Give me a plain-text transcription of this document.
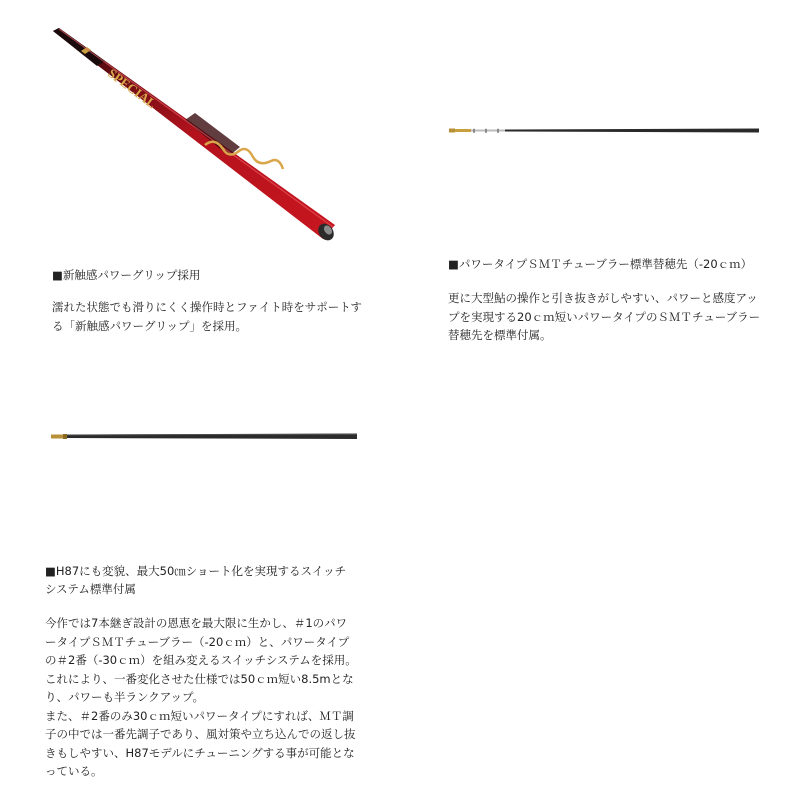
SPECIAL

■新触感パワーグリップ採用

濡れた状態でも滑りにくく操作時とファイト時をサポートす
る「新触感パワーグリップ」を採用。

■パワータイプＳＭＴチューブラー標準替穂先（-20ｃｍ）

更に大型鮎の操作と引き抜きがしやすい、パワーと感度アッ
プを実現する20ｃｍ短いパワータイプのＳＭＴチューブラー
替穂先を標準付属。

■H87にも変貌、最大50㎝ショート化を実現するスイッチ
システム標準付属

今作では7本継ぎ設計の恩恵を最大限に生かし、＃1のパワ
ータイプＳＭＴチューブラー（-20ｃｍ）と、パワータイプ
の＃2番（-30ｃｍ）を組み変えるスイッチシステムを採用。
これにより、一番変化させた仕様では50ｃｍ短い8.5mとな
り、パワーも半ランクアップ。
また、＃2番のみ30ｃｍ短いパワータイプにすれば、ＭＴ調
子の中では一番先調子であり、風対策や立ち込んでの返し抜
きもしやすい、H87モデルにチューニングする事が可能とな
っている。
